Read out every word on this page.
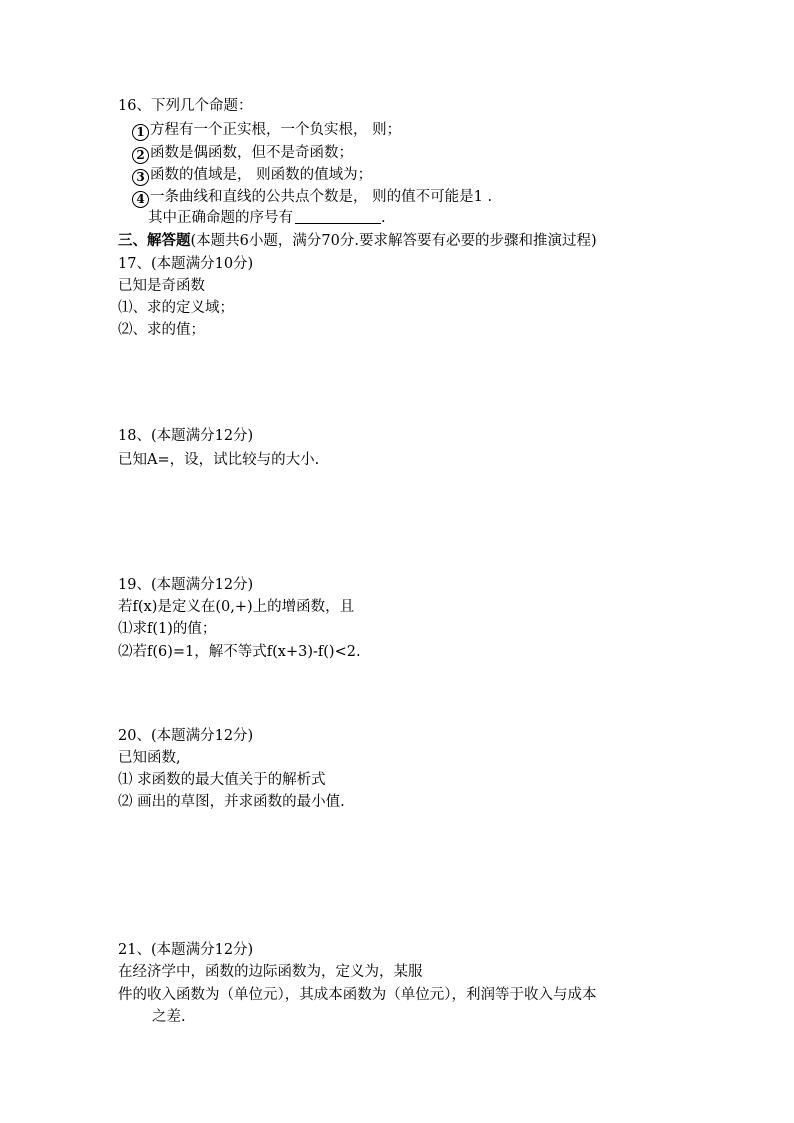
16、下列几个命题：
1 方程有一个正实根，一个负实根， 则；
2 函数是偶函数，但不是奇函数；
3 函数的值域是， 则函数的值域为；
4 一条曲线和直线的公共点个数是， 则的值不可能是1 .
其中正确命题的序号有	.
三、解答题(本题共6小题，满分70分.要求解答要有必要的步骤和推演过程)
17、(本题满分10分)
已知是奇函数
⑴、求的定义域；
⑵、求的值；
18、(本题满分12分)
已知A=，设，试比较与的大小.
19、(本题满分12分)
若f(x)是定义在(0,+)上的增函数，且
⑴求f(1)的值；
⑵若f(6)=1，解不等式f(x+3)-f()<2.
20、(本题满分12分)
已知函数,
⑴ 求函数的最大值关于的解析式
⑵ 画出的草图，并求函数的最小值.
21、(本题满分12分)
在经济学中，函数的边际函数为，定义为，某服
件的收入函数为（单位元），其成本函数为（单位元），利润等于收入与成本
之差.
